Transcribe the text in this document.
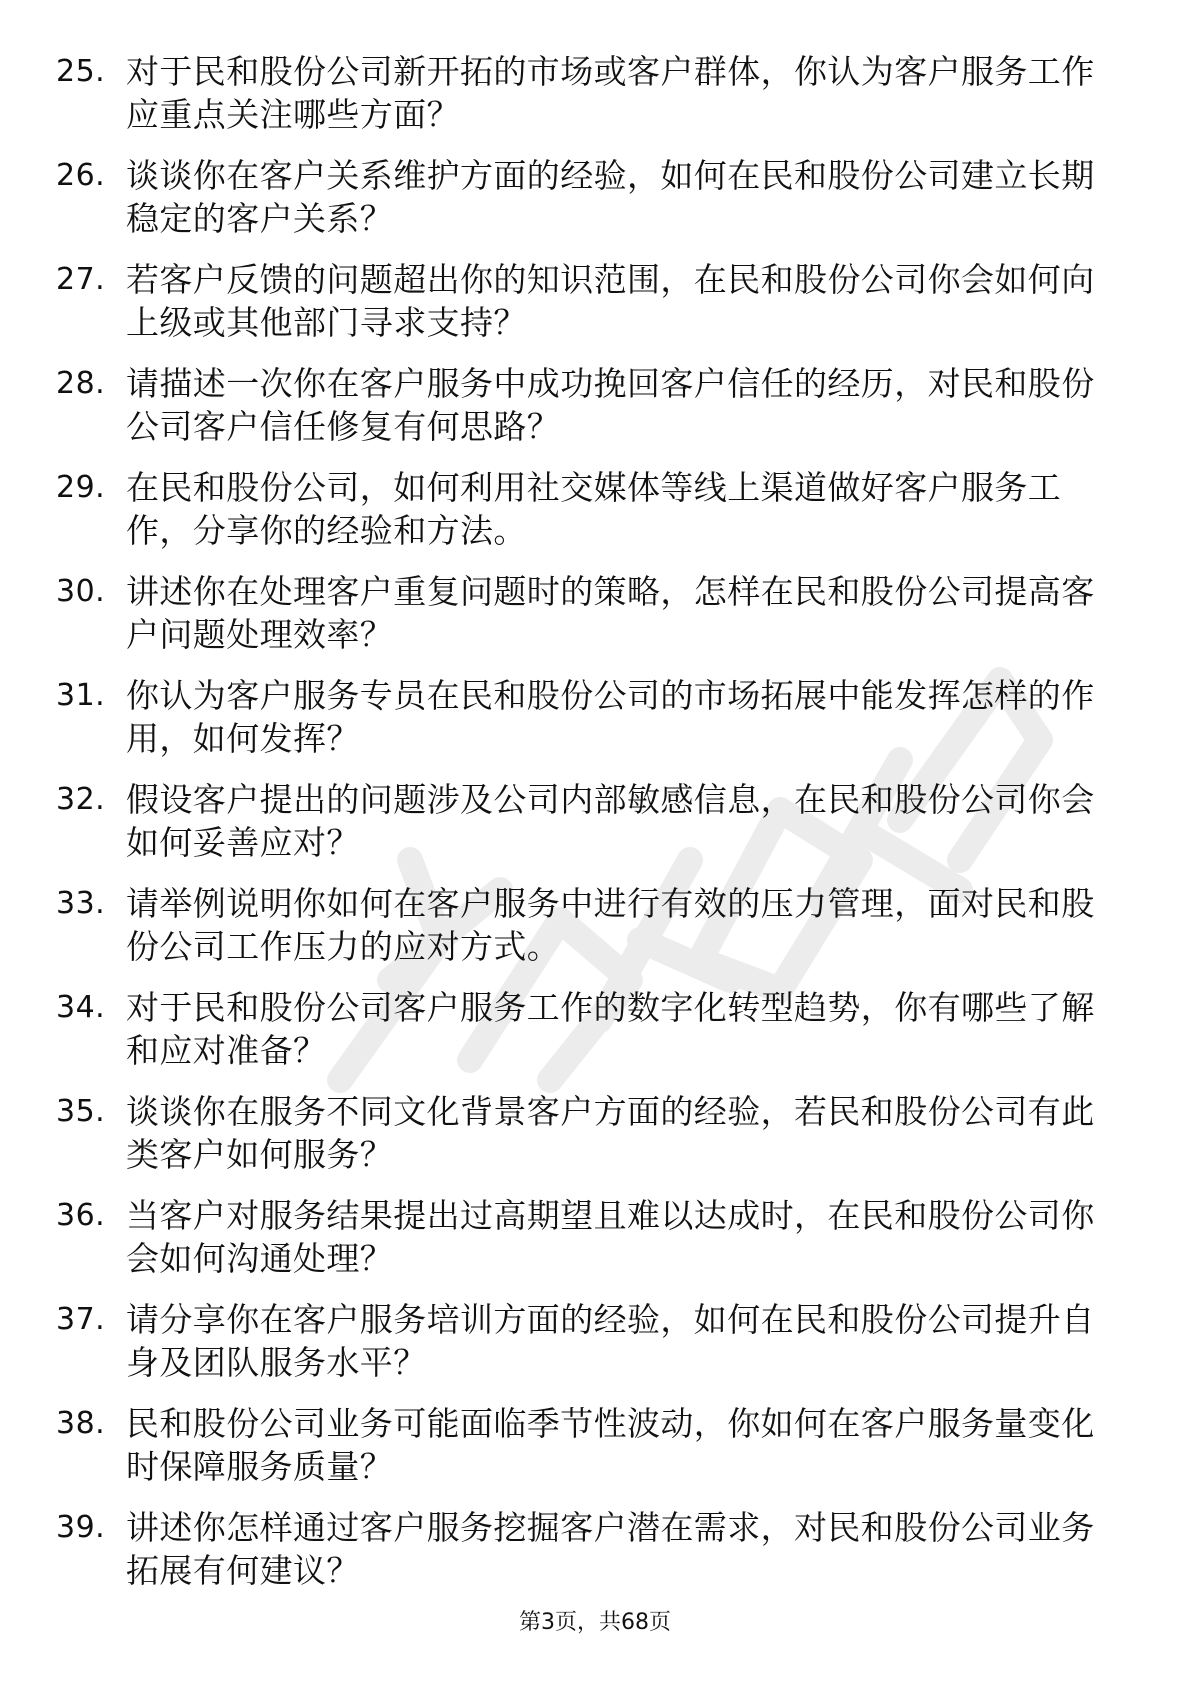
25. 对于民和股份公司新开拓的市场或客户群体，你认为客户服务工作应重点关注哪些方面？
26. 谈谈你在客户关系维护方面的经验，如何在民和股份公司建立长期稳定的客户关系？
27. 若客户反馈的问题超出你的知识范围，在民和股份公司你会如何向上级或其他部门寻求支持？
28. 请描述一次你在客户服务中成功挽回客户信任的经历，对民和股份公司客户信任修复有何思路？
29. 在民和股份公司，如何利用社交媒体等线上渠道做好客户服务工作，分享你的经验和方法。
30. 讲述你在处理客户重复问题时的策略，怎样在民和股份公司提高客户问题处理效率？
31. 你认为客户服务专员在民和股份公司的市场拓展中能发挥怎样的作用，如何发挥？
32. 假设客户提出的问题涉及公司内部敏感信息，在民和股份公司你会如何妥善应对？
33. 请举例说明你如何在客户服务中进行有效的压力管理，面对民和股份公司工作压力的应对方式。
34. 对于民和股份公司客户服务工作的数字化转型趋势，你有哪些了解和应对准备？
35. 谈谈你在服务不同文化背景客户方面的经验，若民和股份公司有此类客户如何服务？
36. 当客户对服务结果提出过高期望且难以达成时，在民和股份公司你会如何沟通处理？
37. 请分享你在客户服务培训方面的经验，如何在民和股份公司提升自身及团队服务水平？
38. 民和股份公司业务可能面临季节性波动，你如何在客户服务量变化时保障服务质量？
39. 讲述你怎样通过客户服务挖掘客户潜在需求，对民和股份公司业务拓展有何建议？
第3页，共68页
